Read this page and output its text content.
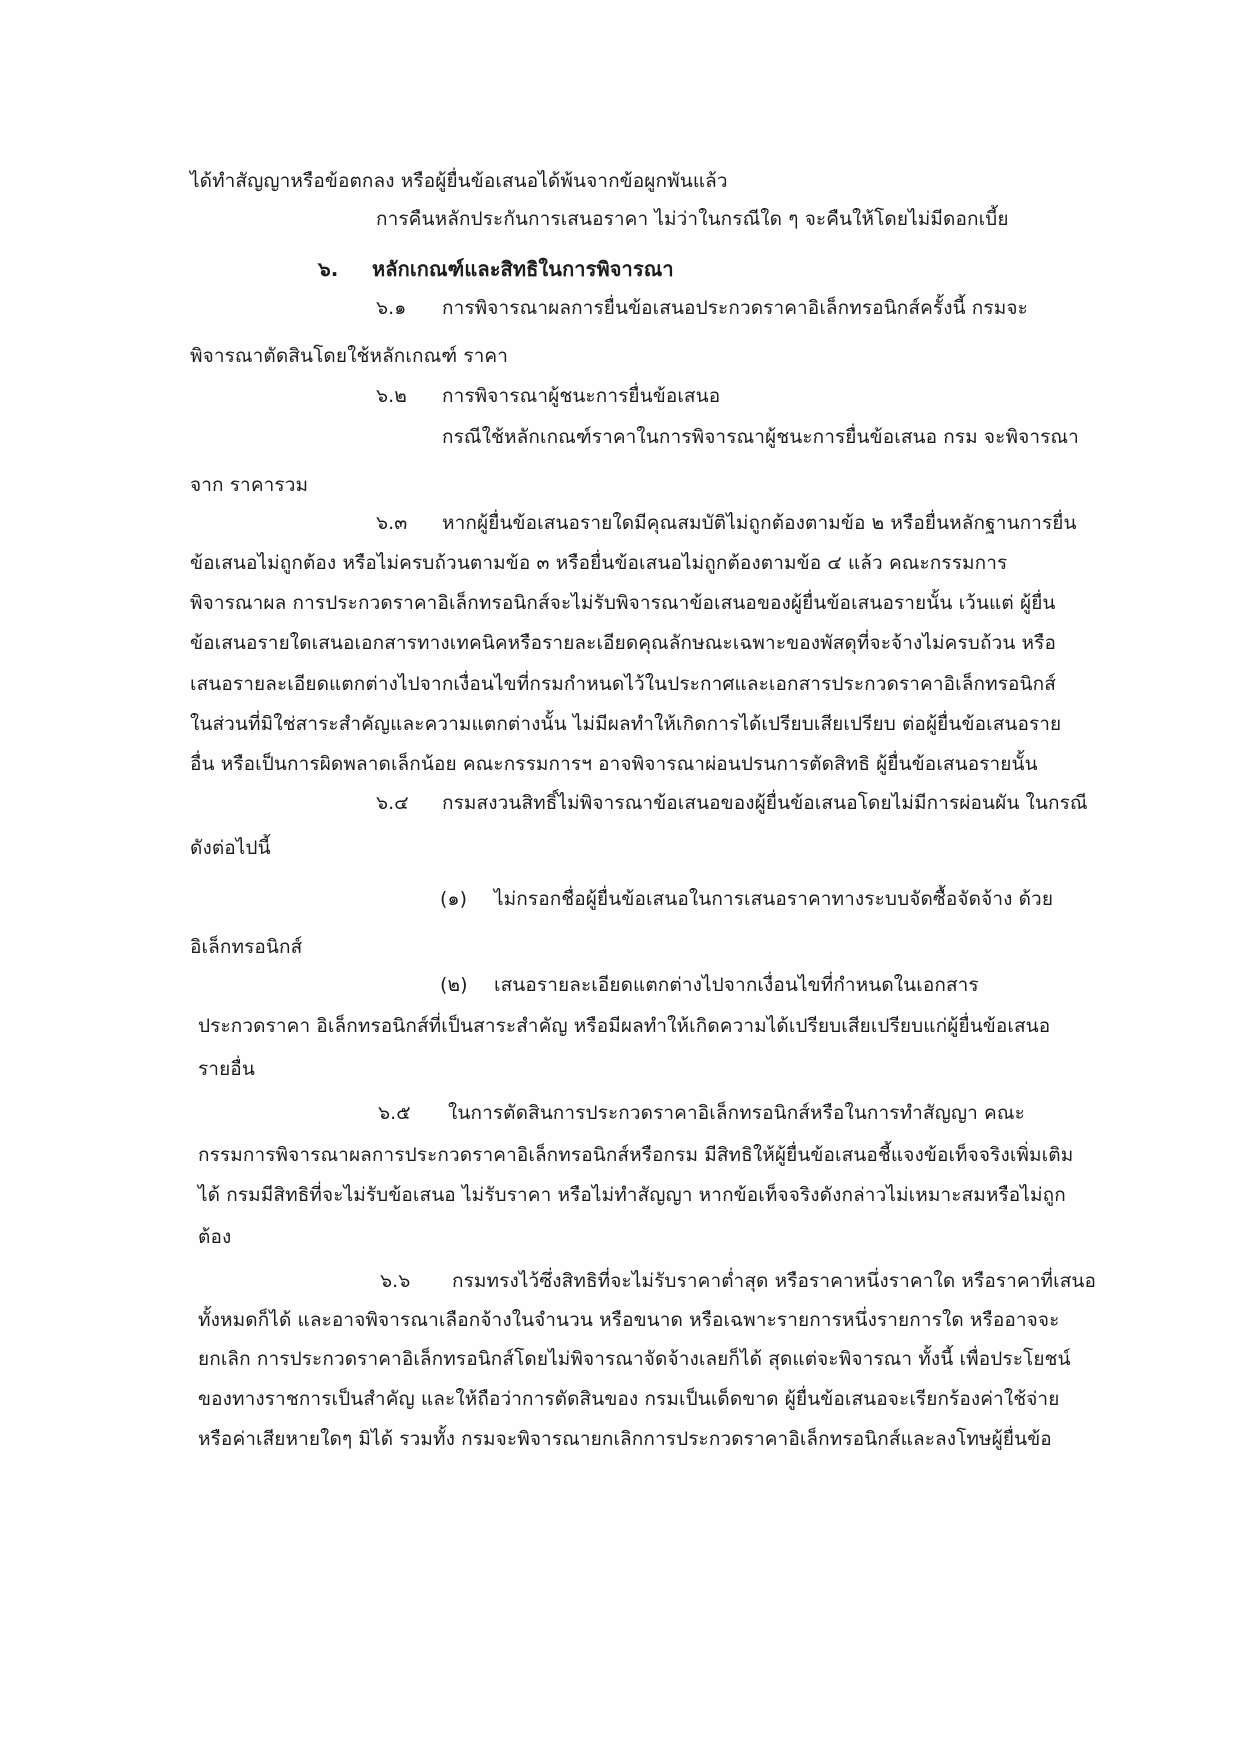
ได้ทำสัญญาหรือข้อตกลง หรือผู้ยื่นข้อเสนอได้พ้นจากข้อผูกพันแล้ว
การคืนหลักประกันการเสนอราคา ไม่ว่าในกรณีใด ๆ จะคืนให้โดยไม่มีดอกเบี้ย
๖. หลักเกณฑ์และสิทธิในการพิจารณา
๖.๑ การพิจารณาผลการยื่นข้อเสนอประกวดราคาอิเล็กทรอนิกส์ครั้งนี้ กรมจะ
พิจารณาตัดสินโดยใช้หลักเกณฑ์ ราคา
๖.๒ การพิจารณาผู้ชนะการยื่นข้อเสนอ
กรณีใช้หลักเกณฑ์ราคาในการพิจารณาผู้ชนะการยื่นข้อเสนอ กรม จะพิจารณา
จาก ราคารวม
๖.๓ หากผู้ยื่นข้อเสนอรายใดมีคุณสมบัติไม่ถูกต้องตามข้อ ๒ หรือยื่นหลักฐานการยื่น
ข้อเสนอไม่ถูกต้อง หรือไม่ครบถ้วนตามข้อ ๓ หรือยื่นข้อเสนอไม่ถูกต้องตามข้อ ๔ แล้ว คณะกรรมการ
พิจารณาผล การประกวดราคาอิเล็กทรอนิกส์จะไม่รับพิจารณาข้อเสนอของผู้ยื่นข้อเสนอรายนั้น เว้นแต่ ผู้ยื่น
ข้อเสนอรายใดเสนอเอกสารทางเทคนิคหรือรายละเอียดคุณลักษณะเฉพาะของพัสดุที่จะจ้างไม่ครบถ้วน หรือ
เสนอรายละเอียดแตกต่างไปจากเงื่อนไขที่กรมกำหนดไว้ในประกาศและเอกสารประกวดราคาอิเล็กทรอนิกส์
ในส่วนที่มิใช่สาระสำคัญและความแตกต่างนั้น ไม่มีผลทำให้เกิดการได้เปรียบเสียเปรียบ ต่อผู้ยื่นข้อเสนอราย
อื่น หรือเป็นการผิดพลาดเล็กน้อย คณะกรรมการฯ อาจพิจารณาผ่อนปรนการตัดสิทธิ ผู้ยื่นข้อเสนอรายนั้น
๖.๔ กรมสงวนสิทธิ์ไม่พิจารณาข้อเสนอของผู้ยื่นข้อเสนอโดยไม่มีการผ่อนผัน ในกรณี
ดังต่อไปนี้
(๑) ไม่กรอกชื่อผู้ยื่นข้อเสนอในการเสนอราคาทางระบบจัดซื้อจัดจ้าง ด้วย
อิเล็กทรอนิกส์
(๒) เสนอรายละเอียดแตกต่างไปจากเงื่อนไขที่กำหนดในเอกสาร
ประกวดราคา อิเล็กทรอนิกส์ที่เป็นสาระสำคัญ หรือมีผลทำให้เกิดความได้เปรียบเสียเปรียบแก่ผู้ยื่นข้อเสนอ
รายอื่น
๖.๕ ในการตัดสินการประกวดราคาอิเล็กทรอนิกส์หรือในการทำสัญญา คณะ
กรรมการพิจารณาผลการประกวดราคาอิเล็กทรอนิกส์หรือกรม มีสิทธิให้ผู้ยื่นข้อเสนอชี้แจงข้อเท็จจริงเพิ่มเติม
ได้ กรมมีสิทธิที่จะไม่รับข้อเสนอ ไม่รับราคา หรือไม่ทำสัญญา หากข้อเท็จจริงดังกล่าวไม่เหมาะสมหรือไม่ถูก
ต้อง
๖.๖ กรมทรงไว้ซึ่งสิทธิที่จะไม่รับราคาต่ำสุด หรือราคาหนึ่งราคาใด หรือราคาที่เสนอ
ทั้งหมดก็ได้ และอาจพิจารณาเลือกจ้างในจำนวน หรือขนาด หรือเฉพาะรายการหนึ่งรายการใด หรืออาจจะ
ยกเลิก การประกวดราคาอิเล็กทรอนิกส์โดยไม่พิจารณาจัดจ้างเลยก็ได้ สุดแต่จะพิจารณา ทั้งนี้ เพื่อประโยชน์
ของทางราชการเป็นสำคัญ และให้ถือว่าการตัดสินของ กรมเป็นเด็ดขาด ผู้ยื่นข้อเสนอจะเรียกร้องค่าใช้จ่าย
หรือค่าเสียหายใดๆ มิได้ รวมทั้ง กรมจะพิจารณายกเลิกการประกวดราคาอิเล็กทรอนิกส์และลงโทษผู้ยื่นข้อ
